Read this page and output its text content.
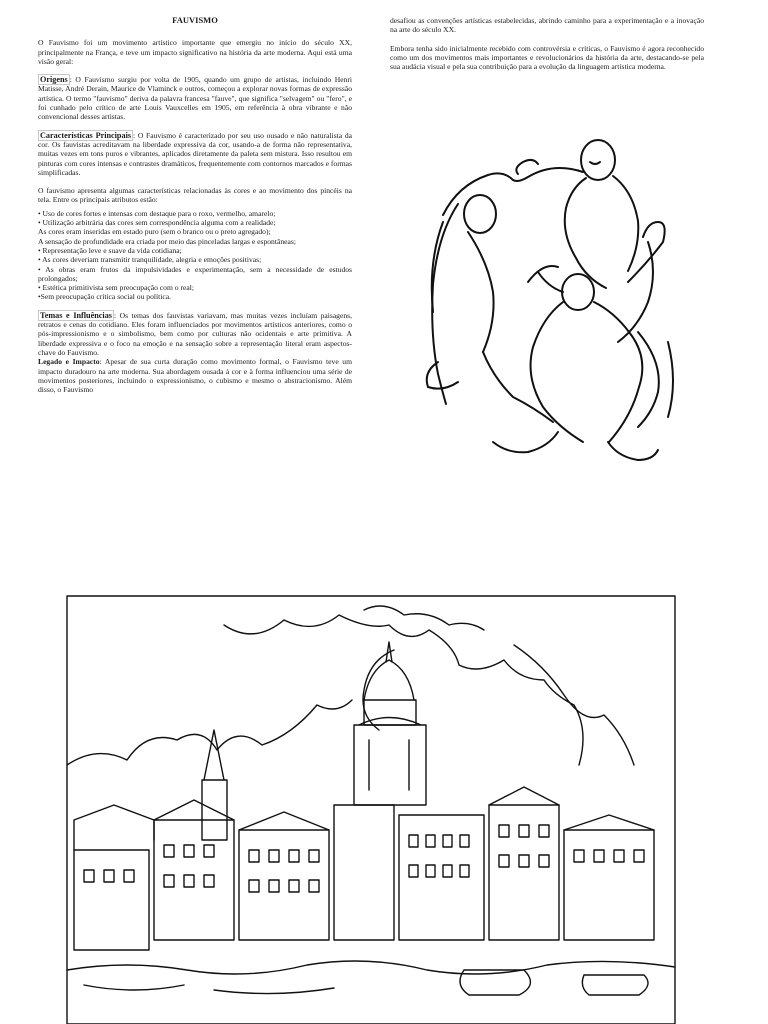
FAUVISMO

O Fauvismo foi um movimento artístico importante que emergiu no início do século XX, principalmente na França, e teve um impacto significativo na história da arte moderna. Aqui está uma visão geral:

Origens : O Fauvismo surgiu por volta de 1905, quando um grupo de artistas, incluindo Henri Matisse, André Derain, Maurice de Vlaminck e outros, começou a explorar novas formas de expressão artística. O termo "fauvismo" deriva da palavra francesa "fauve", que significa "selvagem" ou "fero", e foi cunhado pelo crítico de arte Louis Vauxcelles em 1905, em referência à obra vibrante e não convencional desses artistas.

Características Principais : O Fauvismo é caracterizado por seu uso ousado e não naturalista da cor. Os fauvistas acreditavam na liberdade expressiva da cor, usando-a de forma não representativa, muitas vezes em tons puros e vibrantes, aplicados diretamente da paleta sem mistura. Isso resultou em pinturas com cores intensas e contrastes dramáticos, frequentemente com contornos marcados e formas simplificadas.

O fauvismo apresenta algumas características relacionadas às cores e ao movimento dos pincéis na tela. Entre os principais atributos estão:

• Uso de cores fortes e intensas com destaque para o roxo, vermelho, amarelo;
• Utilização arbitrária das cores sem correspondência alguma com a realidade;
As cores eram inseridas em estado puro (sem o branco ou o preto agregado);
A sensação de profundidade era criada por meio das pinceladas largas e espontâneas;
• Representação leve e suave da vida cotidiana;
• As cores deveriam transmitir tranquilidade, alegria e emoções positivas;
• As obras eram frutos da impulsividades e experimentação, sem a necessidade de estudos prolongados;
• Estética primitivista sem preocupação com o real;
•Sem preocupação crítica social ou política.

Temas e Influências : Os temas dos fauvistas variavam, mas muitas vezes incluíam paisagens, retratos e cenas do cotidiano. Eles foram influenciados por movimentos artísticos anteriores, como o pós-impressionismo e o simbolismo, bem como por culturas não ocidentais e arte primitiva. A liberdade expressiva e o foco na emoção e na sensação sobre a representação literal eram aspectos-chave do Fauvismo.

Legado e Impacto: Apesar de sua curta duração como movimento formal, o Fauvismo teve um impacto duradouro na arte moderna. Sua abordagem ousada à cor e à forma influenciou uma série de movimentos posteriores, incluindo o expressionismo, o cubismo e mesmo o abstracionismo. Além disso, o Fauvismo

desafiou as convenções artísticas estabelecidas, abrindo caminho para a experimentação e a inovação na arte do século XX.

Embora tenha sido inicialmente recebido com controvérsia e críticas, o Fauvismo é agora reconhecido como um dos movimentos mais importantes e revolucionários da história da arte, destacando-se pela sua audácia visual e pela sua contribuição para a evolução da linguagem artística moderna.
